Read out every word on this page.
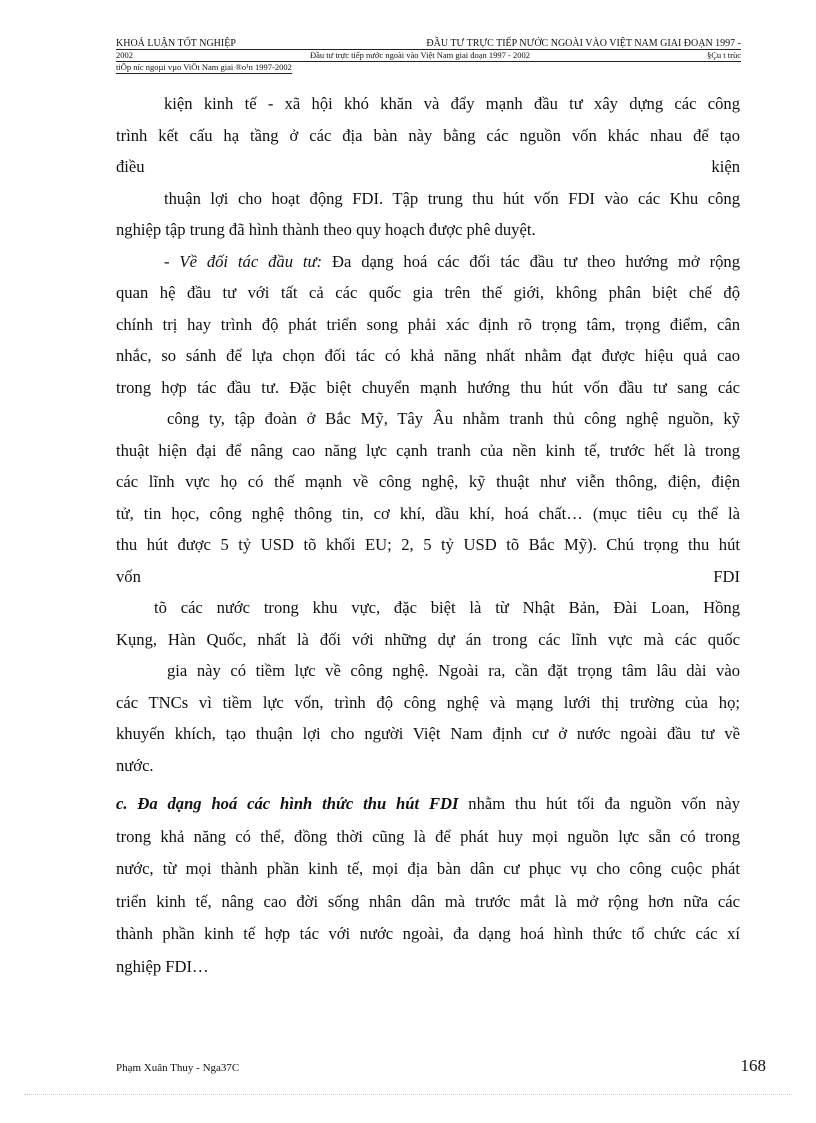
KHOÁ LUẬN TỐT NGHIỆP	ĐẦU TƯ TRỰC TIẾP NƯỚC NGOÀI VÀO VIỆT NAM GIAI ĐOẠN 1997 -
2002	Đầu tư trực tiếp nước ngoài vào Việt Nam giai đoạn 1997 - 2002	§Çu t trùc
tiÕp níc ngoµi vµo ViÖt Nam giai ®o¹n 1997-2002
kiện kinh tế - xã hội khó khăn và đẩy mạnh đầu tư xây dựng các công
trình kết cấu hạ tầng ở các địa bàn này bằng các nguồn vốn khác nhau để tạo
điều	kiện
thuận lợi cho hoạt động FDI. Tập trung thu hút vốn FDI vào các Khu công
nghiệp tập trung đã hình thành theo quy hoạch được phê duyệt.
- Về đối tác đầu tư: Đa dạng hoá các đối tác đầu tư theo hướng mở rộng
quan hệ đầu tư với tất cả các quốc gia trên thế giới, không phân biệt chế độ
chính trị hay trình độ phát triển song phải xác định rõ trọng tâm, trọng điểm, cân
nhắc, so sánh để lựa chọn đối tác có khả năng nhất nhằm đạt được hiệu quả cao
trong hợp tác đầu tư. Đặc biệt chuyển mạnh hướng thu hút vốn đầu tư sang các
công ty, tập đoàn ở Bắc Mỹ, Tây Âu nhằm tranh thủ công nghệ nguồn, kỹ
thuật hiện đại để nâng cao năng lực cạnh tranh của nền kinh tế, trước hết là trong
các lĩnh vực họ có thế mạnh về công nghệ, kỹ thuật như viễn thông, điện, điện
tử, tin học, công nghệ thông tin, cơ khí, dầu khí, hoá chất… (mục tiêu cụ thể là
thu hút được 5 tỷ USD tõ khối EU; 2, 5 tỷ USD tõ Bắc Mỹ). Chú trọng thu hút
vốn	FDI
tõ các nước trong khu vực, đặc biệt là từ Nhật Bản, Đài Loan, Hồng
Kụng, Hàn Quốc, nhất là đối với những dự án trong các lĩnh vực mà các quốc
gia này có tiềm lực về công nghệ. Ngoài ra, cần đặt trọng tâm lâu dài vào
các TNCs vì tiềm lực vốn, trình độ công nghệ và mạng lưới thị trường của họ;
khuyến khích, tạo thuận lợi cho người Việt Nam định cư ở nước ngoài đầu tư về
nước.
c. Đa dạng hoá các hình thức thu hút FDI nhằm thu hút tối đa nguồn vốn này
trong khả năng có thể, đồng thời cũng là để phát huy mọi nguồn lực sẵn có trong
nước, từ mọi thành phần kinh tế, mọi địa bàn dân cư phục vụ cho công cuộc phát
triển kinh tế, nâng cao đời sống nhân dân mà trước mắt là mở rộng hơn nữa các
thành phần kinh tế hợp tác với nước ngoài, đa dạng hoá hình thức tổ chức các xí
nghiệp FDI…
Phạm Xuân Thuy - Nga37C	168
